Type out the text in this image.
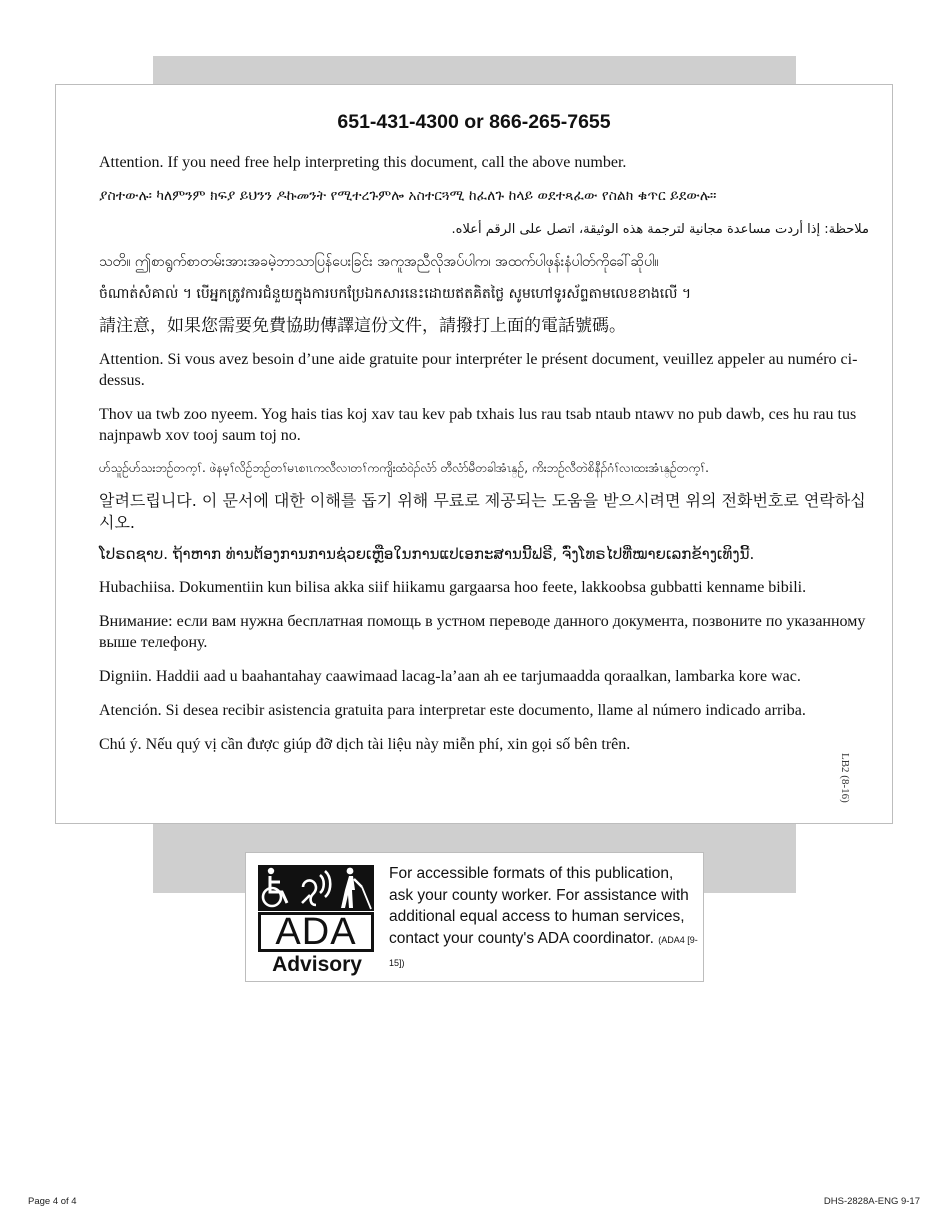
651-431-4300 or 866-265-7655

Attention. If you need free help interpreting this document, call the above number.

ያስተውሉ፡ ካለምንም ክፍያ ይህንን ዶኩመንት የሚተረጉምሎ አስተርጓሚ ከፈለጉ ከላይ ወደተጻፈው የስልክ ቁጥር ይደውሉ።

ملاحظة: إذا أردت مساعدة مجانية لترجمة هذه الوثيقة، اتصل على الرقم أعلاه.

သတိ။ ဤစာရွက်စာတမ်းအားအခမဲ့ဘာသာပြန်ပေးခြင်း အကူအညီလိုအပ်ပါက၊ အထက်ပါဖုန်းနံပါတ်ကိုခေါ်ဆိုပါ။

ចំណាត់សំគាល់ ។ បើអ្នកត្រូវការជំនួយក្នុងការបកប្រែឯកសារនេះដោយឥតគិតថ្លៃ សូមហៅទូរស័ព្ទតាមលេខខាងលើ ។

請注意，如果您需要免費協助傳譯這份文件，請撥打上面的電話號碼。

Attention. Si vous avez besoin d’une aide gratuite pour interpréter le présent document, veuillez appeler au numéro ci-dessus.

Thov ua twb zoo nyeem. Yog hais tias koj xav tau kev pab txhais lus rau tsab ntaub ntawv no pub dawb, ces hu rau tus najnpawb xov tooj saum toj no.

ဟ်သူဉ်ဟ်သးဘဉ်တက့ၢ်. ဖဲနမ့ၢ်လိဉ်ဘဉ်တၢ်မၤစၢၤကလီလၢတၢ်ကကျိးထံဝဲၣ်လံာ် တီလံာ်မီတခါအံၤန္ဉ်, ကိးဘဉ်လီတဲစိနီၣ်ဂံၢ်လၢထးအံၤန္ဉ်တက့ၢ်.

알려드립니다. 이 문서에 대한 이해를 돕기 위해 무료로 제공되는 도움을 받으시려면 위의 전화번호로 연락하십시오.

ໂປຣດຊາບ. ຖ້າຫາກ ທ່ານຕ້ອງການການຊ່ວຍເຫຼືອໃນການແປເອກະສານນີ້ຟຣີ, ຈົ່ງໂທຣໄປທີ່ໝາຍເລກຂ້າງເທິງນີ້.

Hubachiisa. Dokumentiin kun bilisa akka siif hiikamu gargaarsa hoo feete, lakkoobsa gubbatti kenname bibili.

Внимание: если вам нужна бесплатная помощь в устном переводе данного документа, позвоните по указанному выше телефону.

Digniin. Haddii aad u baahantahay caawimaad lacag-la’aan ah ee tarjumaadda qoraalkan, lambarka kore wac.

Atención. Si desea recibir asistencia gratuita para interpretar este documento, llame al número indicado arriba.

Chú ý. Nếu quý vị cần được giúp đỡ dịch tài liệu này miễn phí, xin gọi số bên trên.

LB2 (8-16)
ADA
Advisory
For accessible formats of this publication, ask your county worker. For assistance with additional equal access to human services, contact your county's ADA coordinator. (ADA4 [9-15])
Page 4 of 4	DHS-2828A-ENG 9-17
